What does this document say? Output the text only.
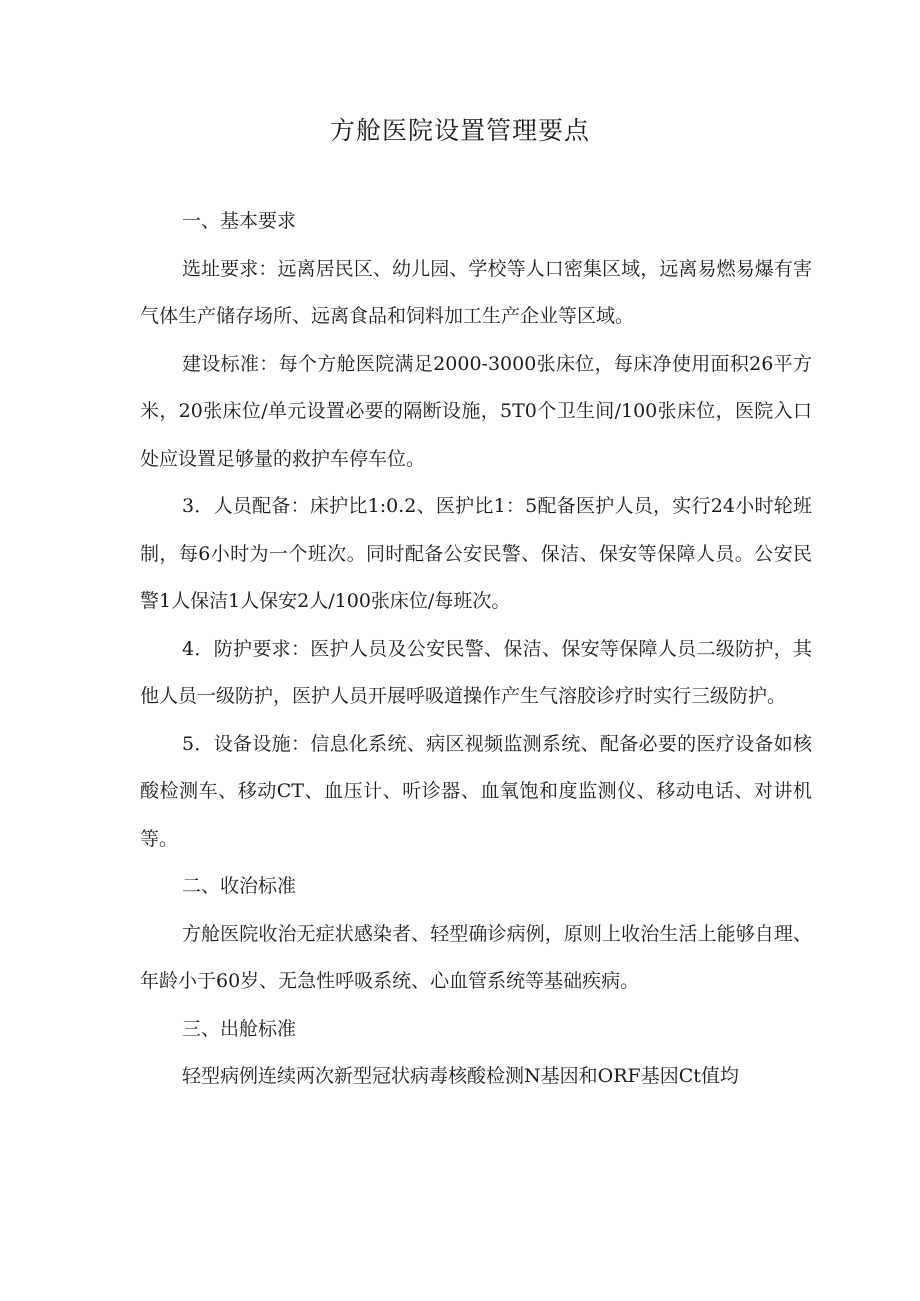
方舱医院设置管理要点

一、基本要求

选址要求：远离居民区、幼儿园、学校等人口密集区域，远离易燃易爆有害气体生产储存场所、远离食品和饲料加工生产企业等区域。

建设标准：每个方舱医院满足2000-3000张床位，每床净使用面积26平方米，20张床位/单元设置必要的隔断设施，5T0个卫生间/100张床位，医院入口处应设置足够量的救护车停车位。

3．人员配备：床护比1:0.2、医护比1：5配备医护人员，实行24小时轮班制，每6小时为一个班次。同时配备公安民警、保洁、保安等保障人员。公安民警1人保洁1人保安2人/100张床位/每班次。

4．防护要求：医护人员及公安民警、保洁、保安等保障人员二级防护，其他人员一级防护，医护人员开展呼吸道操作产生气溶胶诊疗时实行三级防护。

5．设备设施：信息化系统、病区视频监测系统、配备必要的医疗设备如核酸检测车、移动CT、血压计、听诊器、血氧饱和度监测仪、移动电话、对讲机等。

二、收治标准

方舱医院收治无症状感染者、轻型确诊病例，原则上收治生活上能够自理、年龄小于60岁、无急性呼吸系统、心血管系统等基础疾病。

三、出舱标准

轻型病例连续两次新型冠状病毒核酸检测N基因和ORF基因Ct值均
